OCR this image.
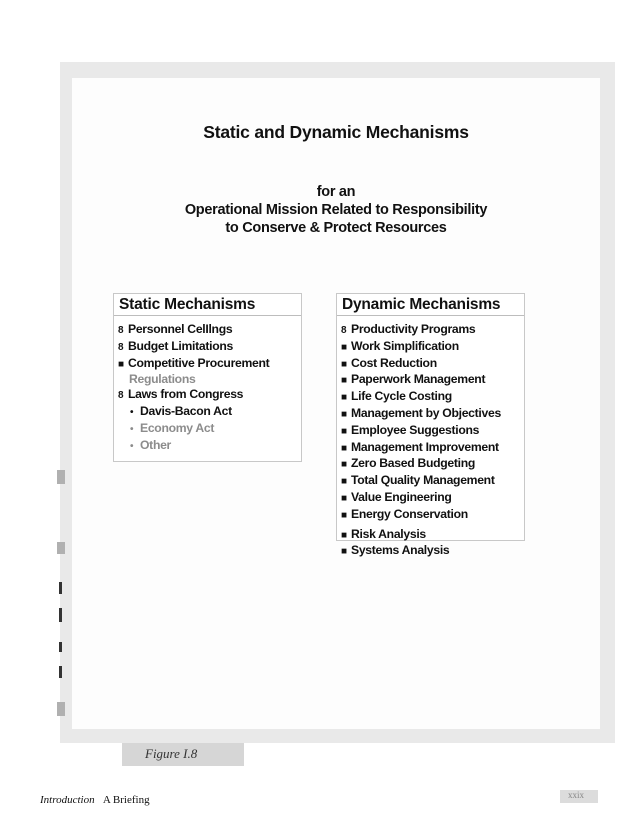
Static and Dynamic Mechanisms
for an
Operational Mission Related to Responsibility
to Conserve & Protect Resources
Static Mechanisms
8 Personnel CelIlngs
8 Budget Limitations
■ Competitive Procurement
Regulations
8 Laws from Congress
• Davis-Bacon Act
• Economy Act
• Other
Dynamic Mechanisms
8 Productivity Programs
■ Work Simplification
■ Cost Reduction
■ Paperwork Management
■ Life Cycle Costing
■ Management by Objectives
■ Employee Suggestions
■ Management Improvement
■ Zero Based Budgeting
■ Total Quality Management
■ Value Engineering
■ Energy Conservation
■ Risk Analysis
■ Systems Analysis
Figure I.8
Introduction A Briefing	xxix
